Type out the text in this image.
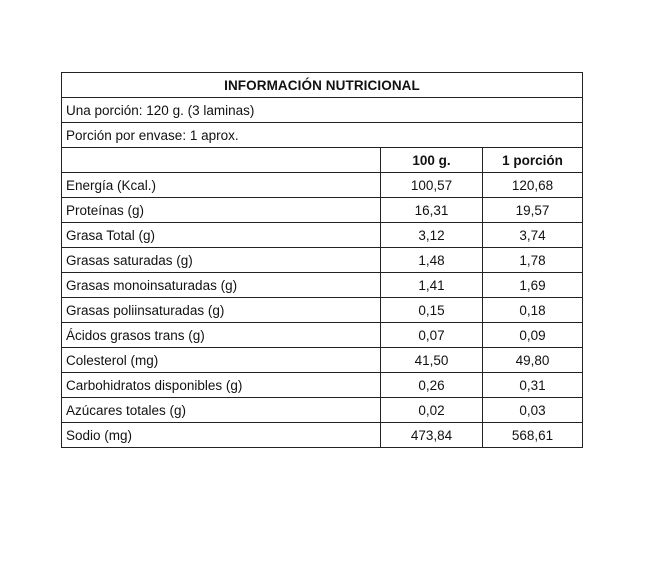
INFORMACIÓN NUTRICIONAL		
Una porción: 120 g. (3 laminas)		
Porción por envase: 1 aprox.		
	100 g.	1 porción
Energía (Kcal.)	100,57	120,68
Proteínas (g)	16,31	19,57
Grasa Total (g)	3,12	3,74
Grasas saturadas (g)	1,48	1,78
Grasas monoinsaturadas (g)	1,41	1,69
Grasas poliinsaturadas (g)	0,15	0,18
Ácidos grasos trans (g)	0,07	0,09
Colesterol (mg)	41,50	49,80
Carbohidratos disponibles (g)	0,26	0,31
Azúcares totales (g)	0,02	0,03
Sodio (mg)	473,84	568,61
